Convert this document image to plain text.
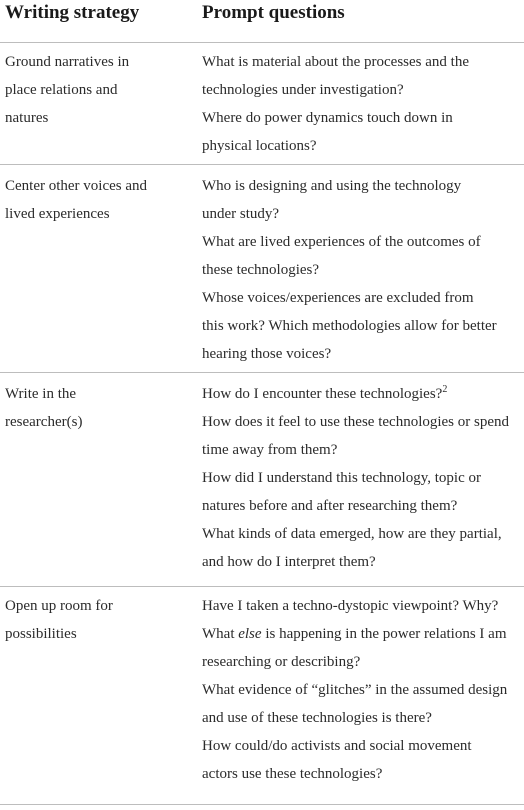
Writing strategy	Prompt questions
Ground narratives in
place relations and
natures
What is material about the processes and the
technologies under investigation?
Where do power dynamics touch down in
physical locations?
Center other voices and
lived experiences
Who is designing and using the technology
under study?
What are lived experiences of the outcomes of
these technologies?
Whose voices/experiences are excluded from
this work? Which methodologies allow for better
hearing those voices?
Write in the
researcher(s)
How do I encounter these technologies?$^2$
How does it feel to use these technologies or spend
time away from them?
How did I understand this technology, topic or
natures before and after researching them?
What kinds of data emerged, how are they partial,
and how do I interpret them?
Open up room for
possibilities
Have I taken a techno-dystopic viewpoint? Why?
What else is happening in the power relations I am
researching or describing?
What evidence of “glitches” in the assumed design
and use of these technologies is there?
How could/do activists and social movement
actors use these technologies?
